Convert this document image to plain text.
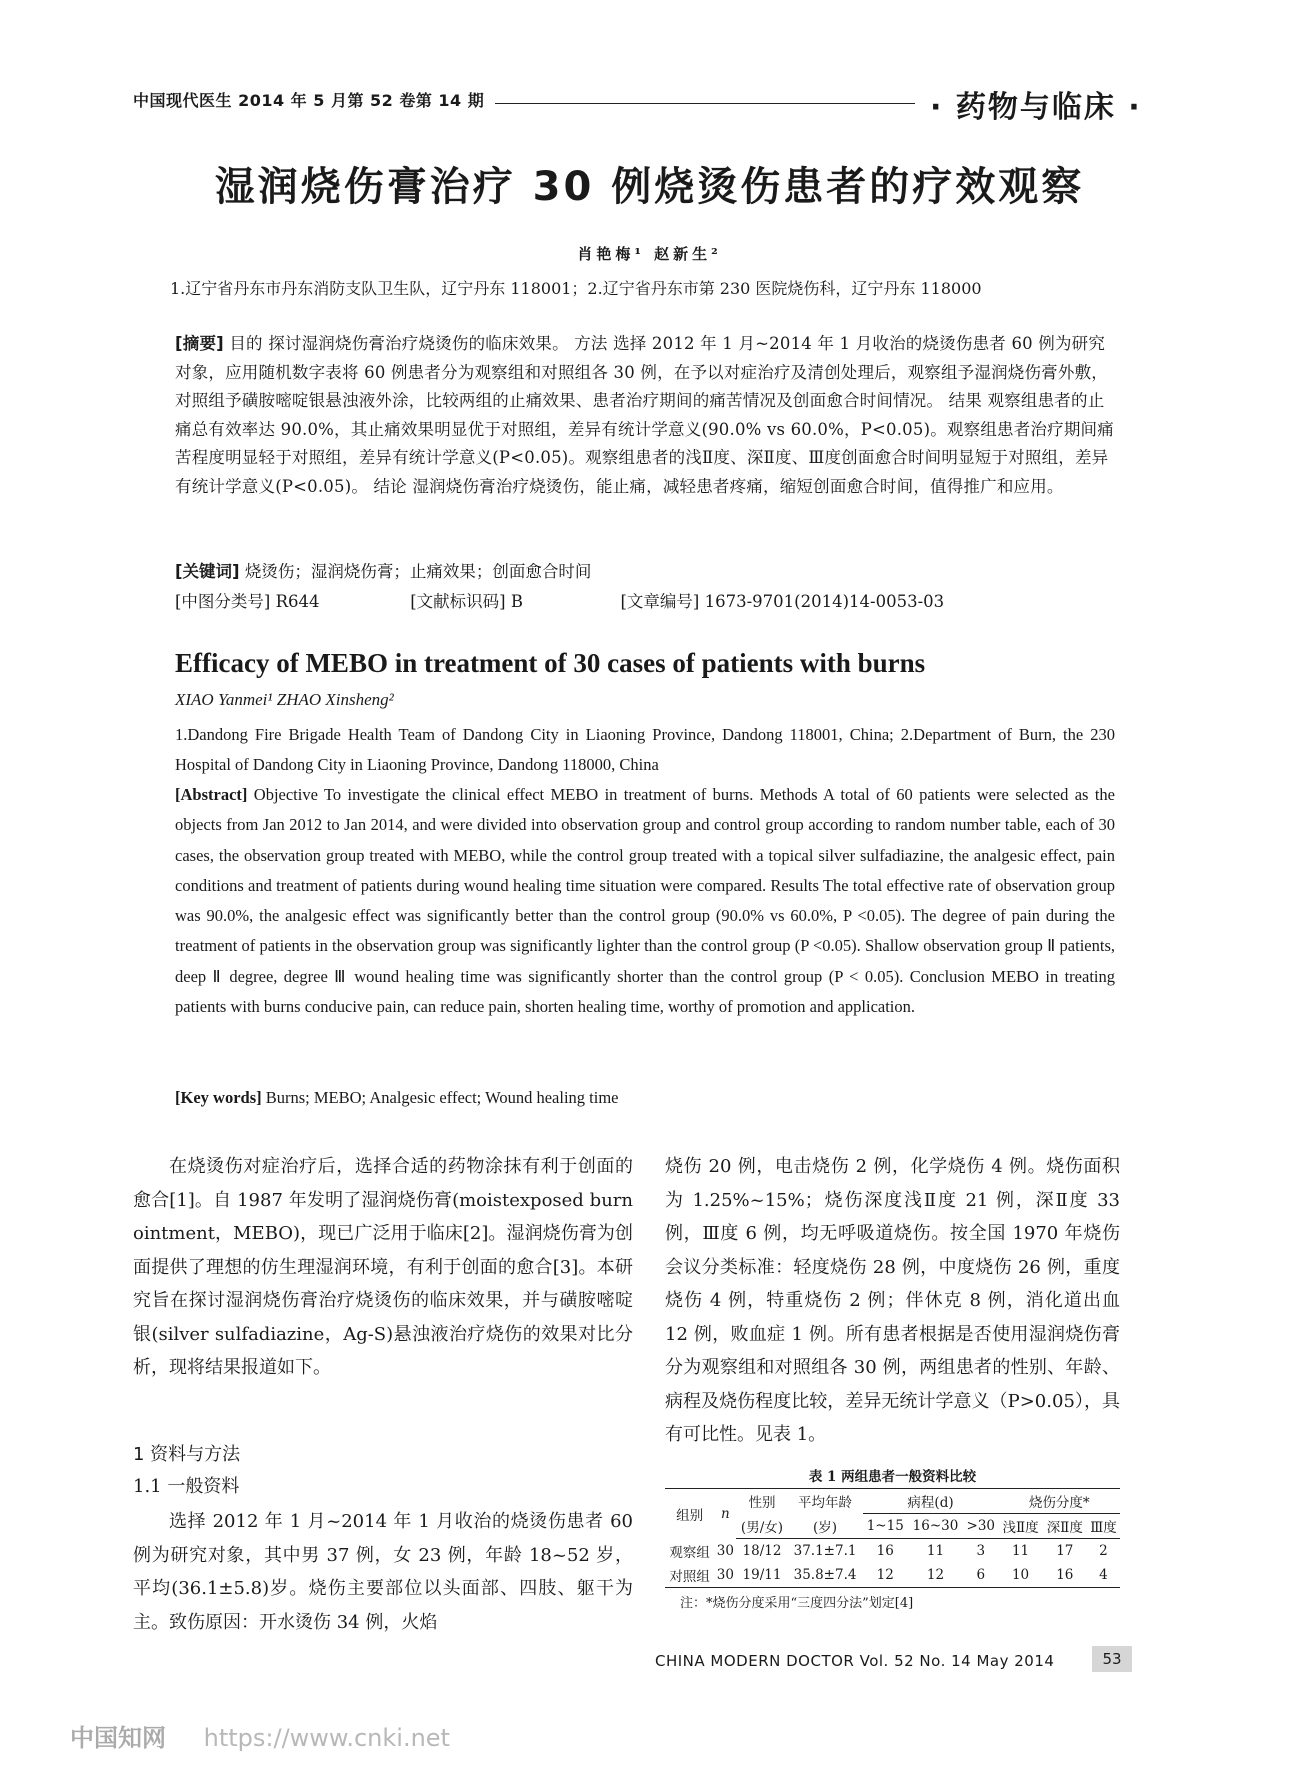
中国现代医生 2014 年 5 月第 52 卷第 14 期	· 药物与临床 ·
湿润烧伤膏治疗 30 例烧烫伤患者的疗效观察
肖艳梅¹ 赵新生²
1.辽宁省丹东市丹东消防支队卫生队，辽宁丹东 118001；2.辽宁省丹东市第 230 医院烧伤科，辽宁丹东 118000
[摘要] 目的 探讨湿润烧伤膏治疗烧烫伤的临床效果。 方法 选择 2012 年 1 月~2014 年 1 月收治的烧烫伤患者 60 例为研究对象，应用随机数字表将 60 例患者分为观察组和对照组各 30 例，在予以对症治疗及清创处理后，观察组予湿润烧伤膏外敷，对照组予磺胺嘧啶银悬浊液外涂，比较两组的止痛效果、患者治疗期间的痛苦情况及创面愈合时间情况。 结果 观察组患者的止痛总有效率达 90.0%，其止痛效果明显优于对照组，差异有统计学意义(90.0% vs 60.0%，P<0.05)。观察组患者治疗期间痛苦程度明显轻于对照组，差异有统计学意义(P<0.05)。观察组患者的浅Ⅱ度、深Ⅱ度、Ⅲ度创面愈合时间明显短于对照组，差异有统计学意义(P<0.05)。 结论 湿润烧伤膏治疗烧烫伤，能止痛，减轻患者疼痛，缩短创面愈合时间，值得推广和应用。
[关键词] 烧烫伤；湿润烧伤膏；止痛效果；创面愈合时间
[中图分类号] R644	[文献标识码] B	[文章编号] 1673-9701(2014)14-0053-03
Efficacy of MEBO in treatment of 30 cases of patients with burns
XIAO Yanmei¹ ZHAO Xinsheng²
1.Dandong Fire Brigade Health Team of Dandong City in Liaoning Province, Dandong 118001, China; 2.Department of Burn, the 230 Hospital of Dandong City in Liaoning Province, Dandong 118000, China
[Abstract] Objective To investigate the clinical effect MEBO in treatment of burns. Methods A total of 60 patients were selected as the objects from Jan 2012 to Jan 2014, and were divided into observation group and control group according to random number table, each of 30 cases, the observation group treated with MEBO, while the control group treated with a topical silver sulfadiazine, the analgesic effect, pain conditions and treatment of patients during wound healing time situation were compared. Results The total effective rate of observation group was 90.0%, the analgesic effect was significantly better than the control group (90.0% vs 60.0%, P <0.05). The degree of pain during the treatment of patients in the observation group was significantly lighter than the control group (P <0.05). Shallow observation group Ⅱ patients, deep Ⅱ degree, degree Ⅲ wound healing time was significantly shorter than the control group (P < 0.05). Conclusion MEBO in treating patients with burns conducive pain, can reduce pain, shorten healing time, worthy of promotion and application.
[Key words] Burns; MEBO; Analgesic effect; Wound healing time
在烧烫伤对症治疗后，选择合适的药物涂抹有利于创面的愈合[1]。自 1987 年发明了湿润烧伤膏(moistexposed burn ointment，MEBO)，现已广泛用于临床[2]。湿润烧伤膏为创面提供了理想的仿生理湿润环境，有利于创面的愈合[3]。本研究旨在探讨湿润烧伤膏治疗烧烫伤的临床效果，并与磺胺嘧啶银(silver sulfadiazine，Ag-S)悬浊液治疗烧伤的效果对比分析，现将结果报道如下。
1 资料与方法
1.1 一般资料
选择 2012 年 1 月~2014 年 1 月收治的烧烫伤患者 60 例为研究对象，其中男 37 例，女 23 例，年龄 18~52 岁，平均(36.1±5.8)岁。烧伤主要部位以头面部、四肢、躯干为主。致伤原因：开水烫伤 34 例，火焰
烧伤 20 例，电击烧伤 2 例，化学烧伤 4 例。烧伤面积为 1.25%~15%；烧伤深度浅Ⅱ度 21 例，深Ⅱ度 33 例，Ⅲ度 6 例，均无呼吸道烧伤。按全国 1970 年烧伤会议分类标准：轻度烧伤 28 例，中度烧伤 26 例，重度烧伤 4 例，特重烧伤 2 例；伴休克 8 例，消化道出血 12 例，败血症 1 例。所有患者根据是否使用湿润烧伤膏分为观察组和对照组各 30 例，两组患者的性别、年龄、病程及烧伤程度比较，差异无统计学意义（P>0.05），具有可比性。见表 1。
表 1 两组患者一般资料比较
组别	n	性别	平均年龄	病程(d)			烧伤分度*		
		(男/女)	(岁)	1~15	16~30	>30	浅Ⅱ度	深Ⅱ度	Ⅲ度
观察组	30	18/12	37.1±7.1	16	11	3	11	17	2
对照组	30	19/11	35.8±7.4	12	12	6	10	16	4
注：*烧伤分度采用“三度四分法”划定[4]
CHINA MODERN DOCTOR Vol. 52 No. 14 May 2014	53
中国知网 https://www.cnki.net
